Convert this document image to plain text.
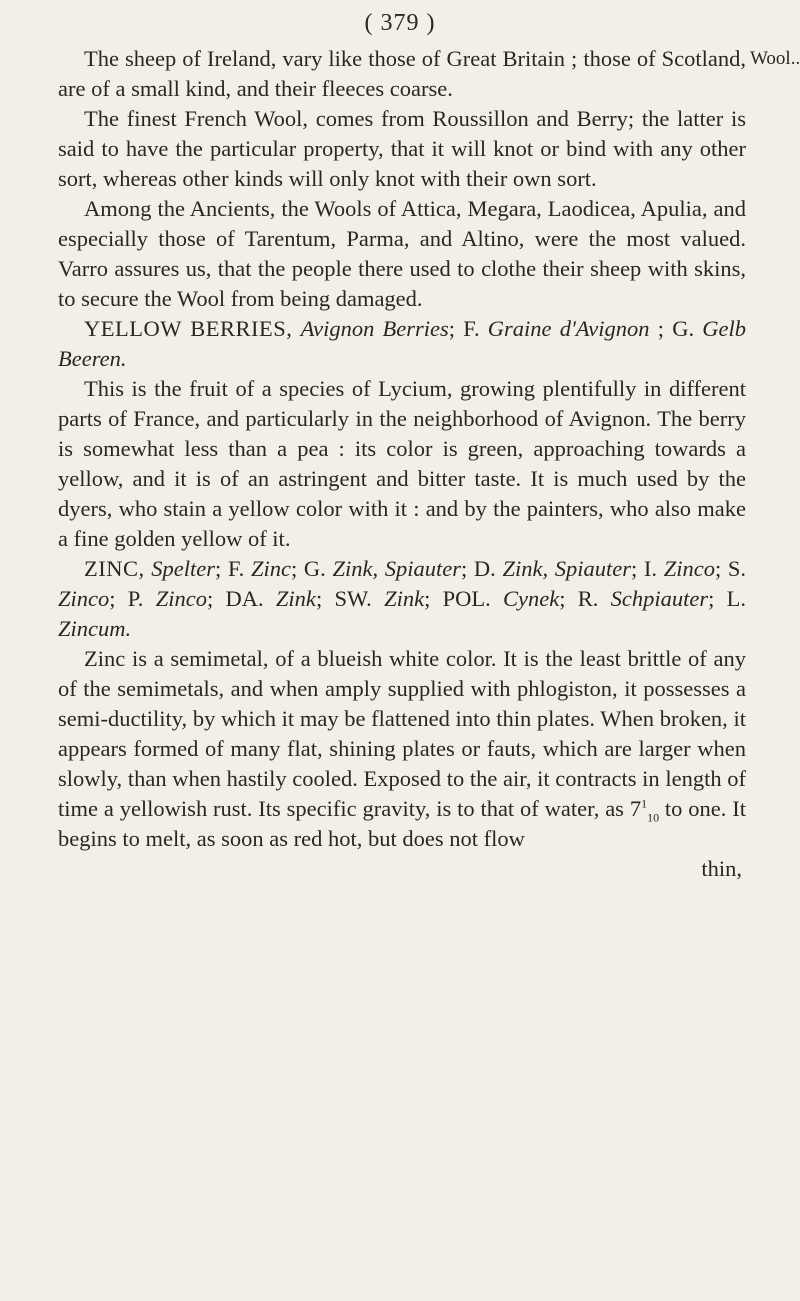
( 379 )
Wool..

The sheep of Ireland, vary like those of Great Britain ; those of Scotland, are of a small kind, and their fleeces coarse.

The finest French Wool, comes from Roussillon and Berry; the latter is said to have the particular property, that it will knot or bind with any other sort, whereas other kinds will only knot with their own sort.

Among the Ancients, the Wools of Attica, Megara, Laodicea, Apulia, and especially those of Tarentum, Parma, and Altino, were the most valued. Varro assures us, that the people there used to clothe their sheep with skins, to secure the Wool from being damaged.

YELLOW BERRIES, Avignon Berries; F. Graine d'Avignon ; G. Gelb Beeren.

This is the fruit of a species of Lycium, growing plentifully in different parts of France, and particularly in the neighborhood of Avignon. The berry is somewhat less than a pea : its color is green, approaching towards a yellow, and it is of an astringent and bitter taste. It is much used by the dyers, who stain a yellow color with it : and by the painters, who also make a fine golden yellow of it.

ZINC, Spelter; F. Zinc; G. Zink, Spiauter; D. Zink, Spiauter; I. Zinco; S. Zinco; P. Zinco; DA. Zink; SW. Zink; POL. Cynek; R. Schpiauter; L. Zincum.

Zinc is a semimetal, of a blueish white color. It is the least brittle of any of the semimetals, and when amply supplied with phlogiston, it possesses a semi-ductility, by which it may be flattened into thin plates. When broken, it appears formed of many flat, shining plates or fauts, which are larger when slowly, than when hastily cooled. Exposed to the air, it contracts in length of time a yellowish rust. Its specific gravity, is to that of water, as $7^1_{10}$ to one. It begins to melt, as soon as red hot, but does not flow

thin,
